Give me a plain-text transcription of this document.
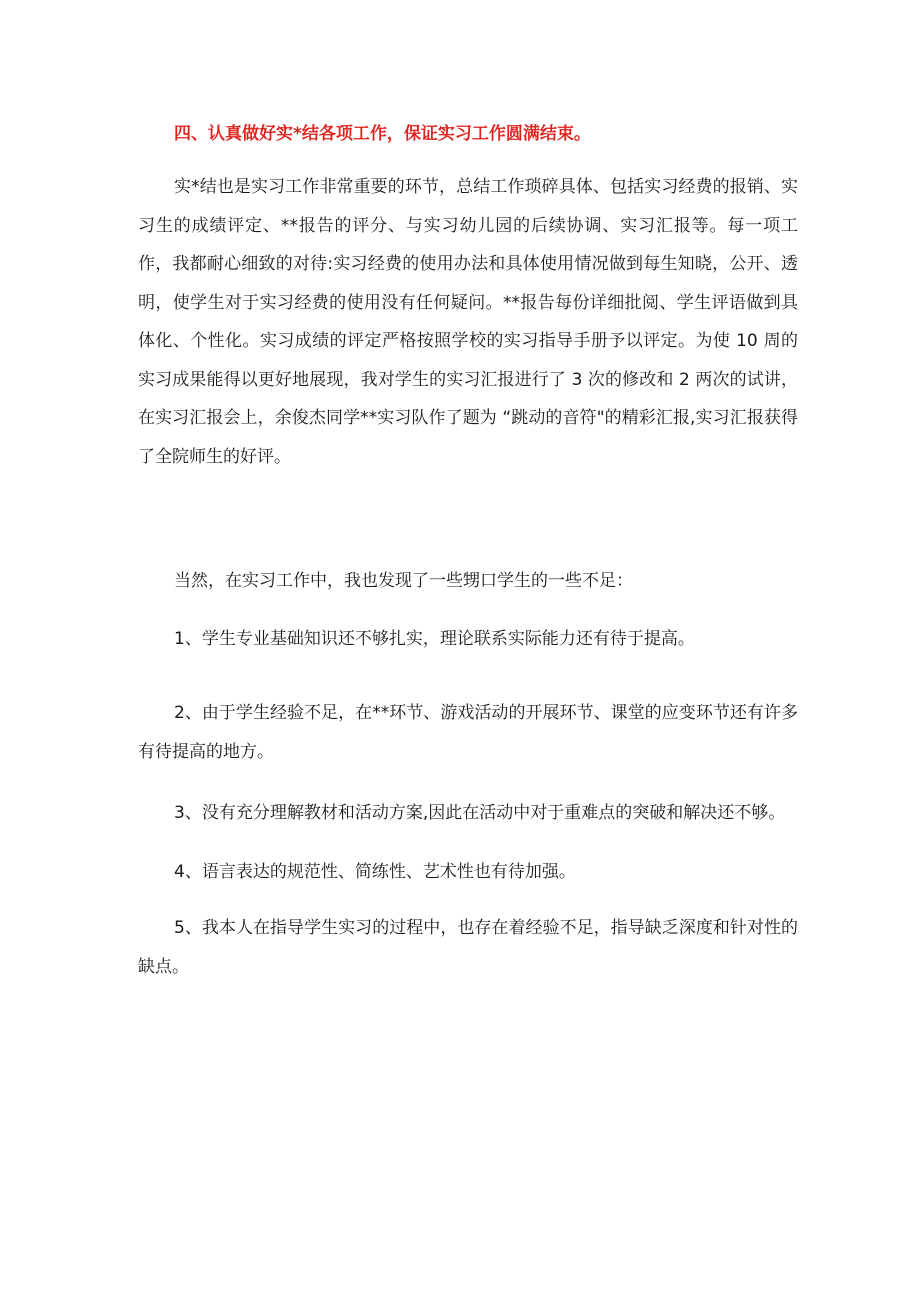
四、认真做好实*结各项工作，保证实习工作圆满结束。

实*结也是实习工作非常重要的环节，总结工作琐碎具体、包括实习经费的报销、实习生的成绩评定、**报告的评分、与实习幼儿园的后续协调、实习汇报等。每一项工作，我都耐心细致的对待:实习经费的使用办法和具体使用情况做到每生知晓，公开、透明，使学生对于实习经费的使用没有任何疑问。**报告每份详细批阅、学生评语做到具体化、个性化。实习成绩的评定严格按照学校的实习指导手册予以评定。为使 10 周的实习成果能得以更好地展现，我对学生的实习汇报进行了 3 次的修改和 2 两次的试讲，在实习汇报会上，余俊杰同学**实习队作了题为 “跳动的音符"的精彩汇报,实习汇报获得了全院师生的好评。

当然，在实习工作中，我也发现了一些甥口学生的一些不足：

1、学生专业基础知识还不够扎实，理论联系实际能力还有待于提高。

2、由于学生经验不足，在**环节、游戏活动的开展环节、课堂的应变环节还有许多有待提高的地方。

3、没有充分理解教材和活动方案,因此在活动中对于重难点的突破和解决还不够。

4、语言表达的规范性、简练性、艺术性也有待加强。

5、我本人在指导学生实习的过程中，也存在着经验不足，指导缺乏深度和针对性的缺点。
